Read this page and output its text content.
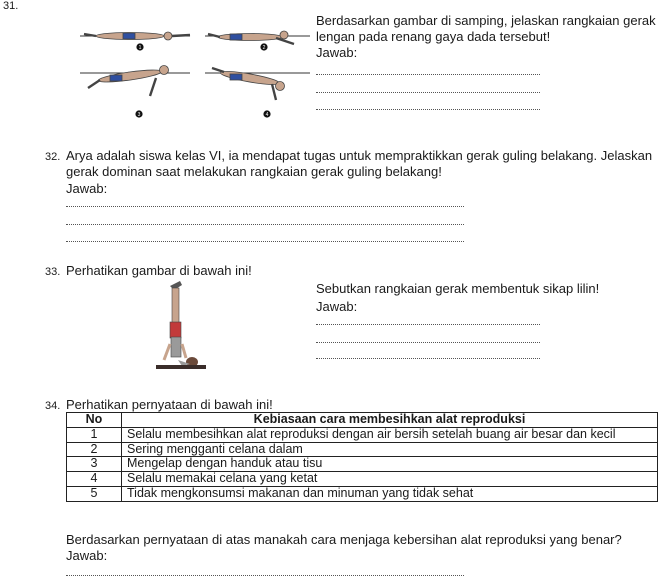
31.
1	2
3	4
Berdasarkan gambar di samping, jelaskan rangkaian gerak lengan pada renang gaya dada tersebut!
Jawab:
32. Arya adalah siswa kelas VI, ia mendapat tugas untuk mempraktikkan gerak guling belakang. Jelaskan gerak dominan saat melakukan rangkaian gerak guling belakang!
Jawab:
33. Perhatikan gambar di bawah ini!
Sebutkan rangkaian gerak membentuk sikap lilin!
Jawab:
34. Perhatikan pernyataan di bawah ini!
No	Kebiasaan cara membesihkan alat reproduksi
1	Selalu membesihkan alat reproduksi dengan air bersih setelah buang air besar dan kecil
2	Sering mengganti celana dalam
3	Mengelap dengan handuk atau tisu
4	Selalu memakai celana yang ketat
5	Tidak mengkonsumsi makanan dan minuman yang tidak sehat
Berdasarkan pernyataan di atas manakah cara menjaga kebersihan alat reproduksi yang benar? Jawab:
